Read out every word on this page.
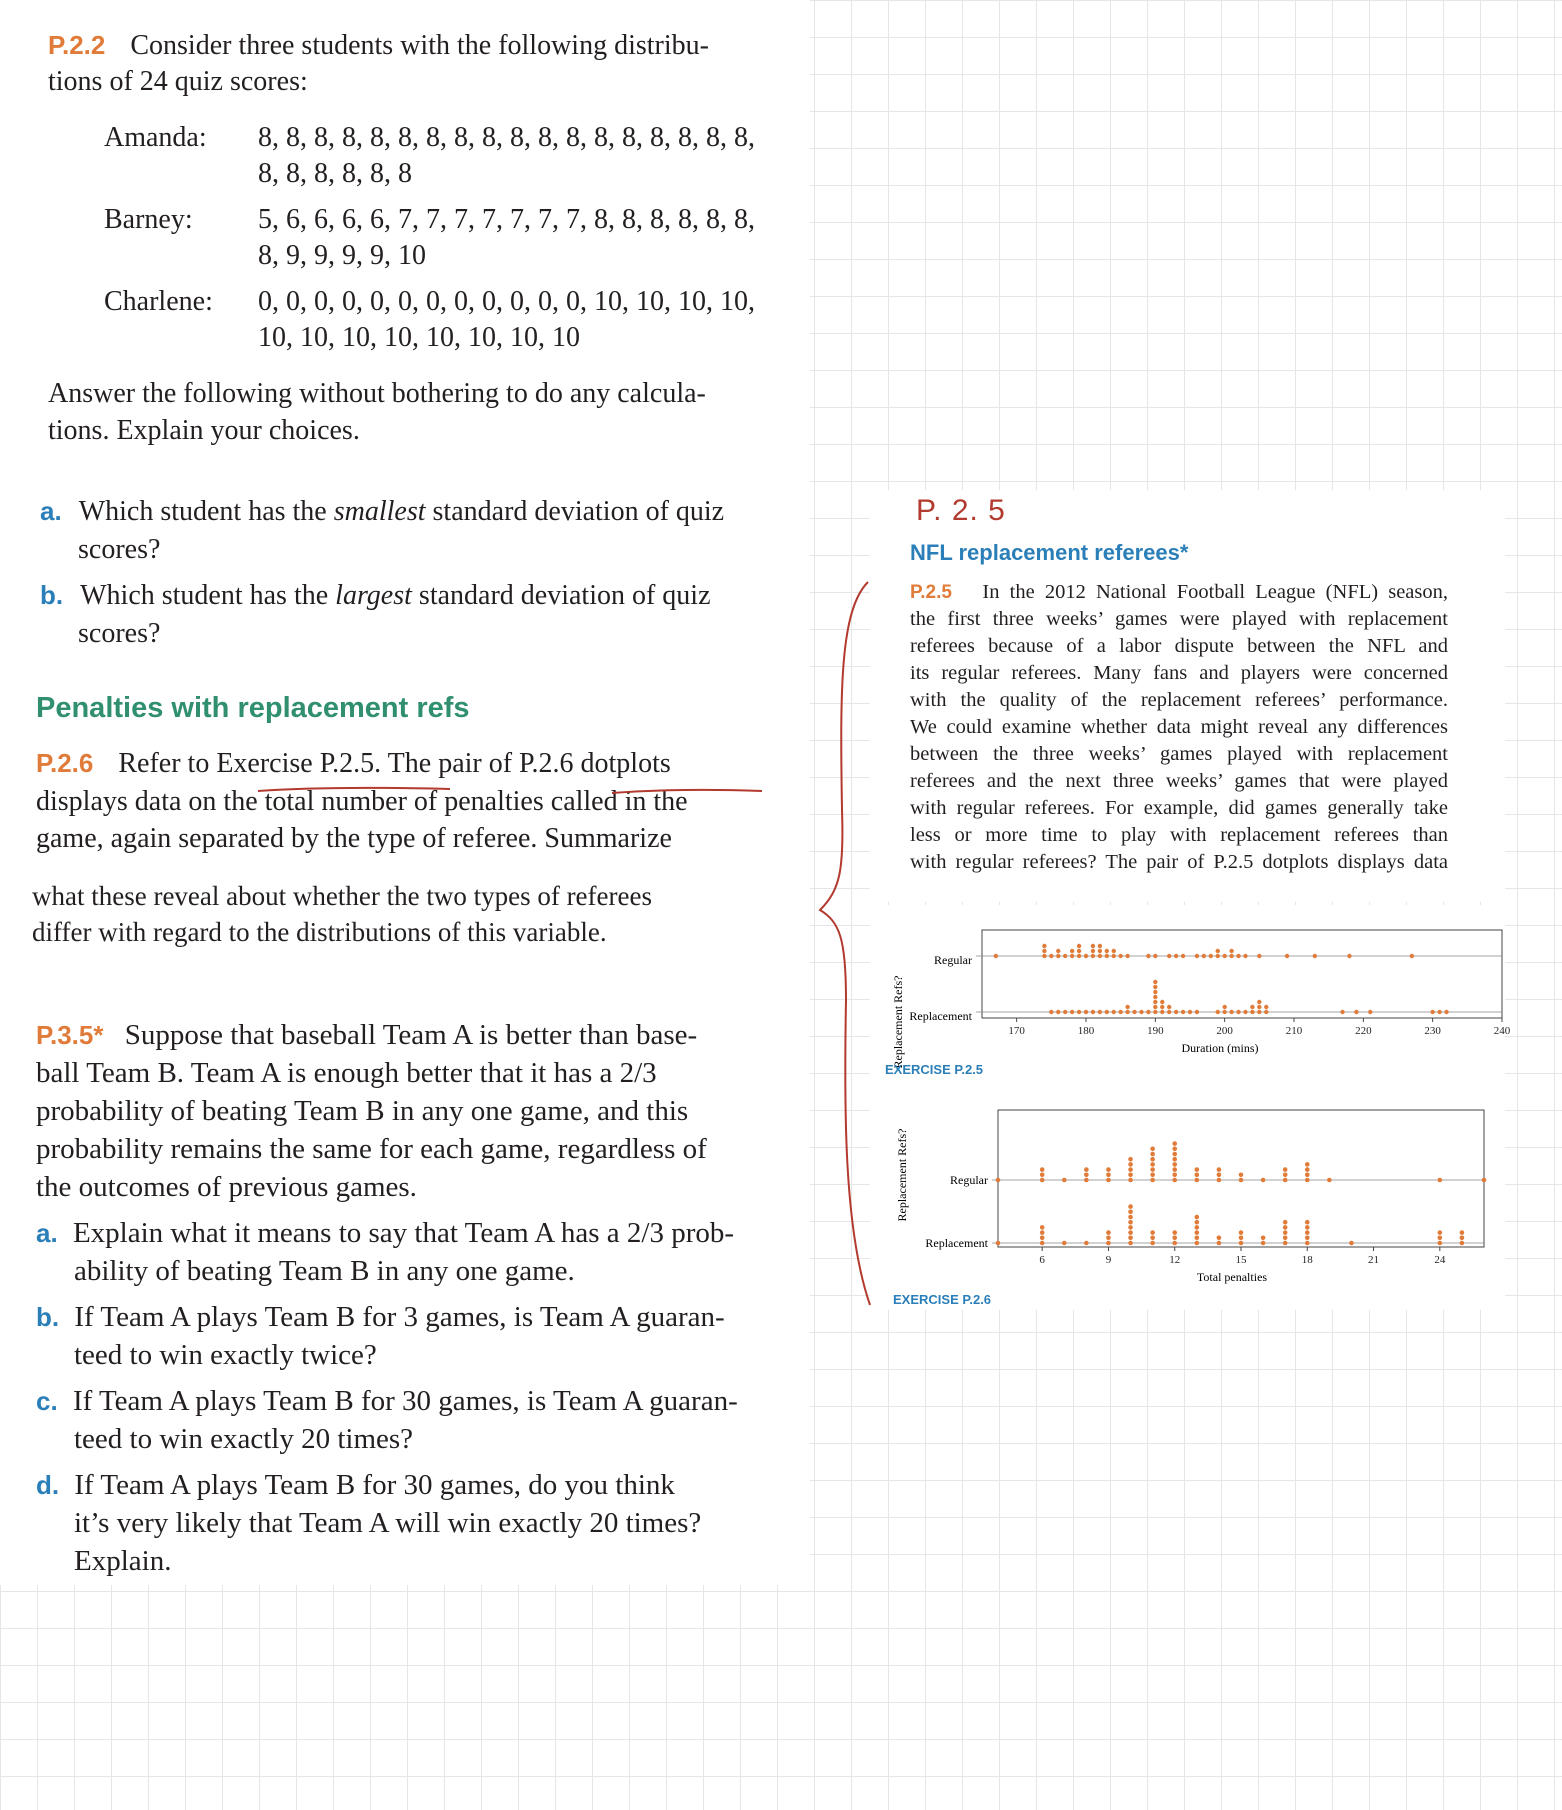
P.2.2 Consider three students with the following distribu-
tions of 24 quiz scores:
Amanda: 8, 8, 8, 8, 8, 8, 8, 8, 8, 8, 8, 8, 8, 8, 8, 8, 8, 8,
8, 8, 8, 8, 8, 8
Barney: 5, 6, 6, 6, 6, 7, 7, 7, 7, 7, 7, 7, 8, 8, 8, 8, 8, 8,
8, 9, 9, 9, 9, 10
Charlene: 0, 0, 0, 0, 0, 0, 0, 0, 0, 0, 0, 0, 10, 10, 10, 10,
10, 10, 10, 10, 10, 10, 10, 10
Answer the following without bothering to do any calcula-
tions. Explain your choices.
a. Which student has the smallest standard deviation of quiz
scores?
b. Which student has the largest standard deviation of quiz
scores?
Penalties with replacement refs
P.2.6 Refer to Exercise P.2.5. The pair of P.2.6 dotplots
displays data on the total number of penalties called in the
game, again separated by the type of referee. Summarize
what these reveal about whether the two types of referees
differ with regard to the distributions of this variable.
P.3.5* Suppose that baseball Team A is better than base-
ball Team B. Team A is enough better that it has a 2/3
probability of beating Team B in any one game, and this
probability remains the same for each game, regardless of
the outcomes of previous games.
a. Explain what it means to say that Team A has a 2/3 prob-
ability of beating Team B in any one game.
b. If Team A plays Team B for 3 games, is Team A guaran-
teed to win exactly twice?
c. If Team A plays Team B for 30 games, is Team A guaran-
teed to win exactly 20 times?
d. If Team A plays Team B for 30 games, do you think
it’s very likely that Team A will win exactly 20 times?
Explain.
P. 2. 5
NFL replacement referees*
P.2.5 In the 2012 National Football League (NFL) season,
the first three weeks’ games were played with replacement
referees because of a labor dispute between the NFL and
its regular referees. Many fans and players were concerned
with the quality of the replacement referees’ performance.
We could examine whether data might reveal any differences
between the three weeks’ games played with replacement
referees and the next three weeks’ games that were played
with regular referees. For example, did games generally take
less or more time to play with replacement referees than
with regular referees? The pair of P.2.5 dotplots displays data
Replacement Refs?
Regular
Replacement
Duration (mins)
170	180	190	200	210	220	230	240
EXERCISE P.2.5
Replacement Refs?	Regular
Replacement
Total penalties
6	9	12	15	18	21	24
EXERCISE P.2.6
